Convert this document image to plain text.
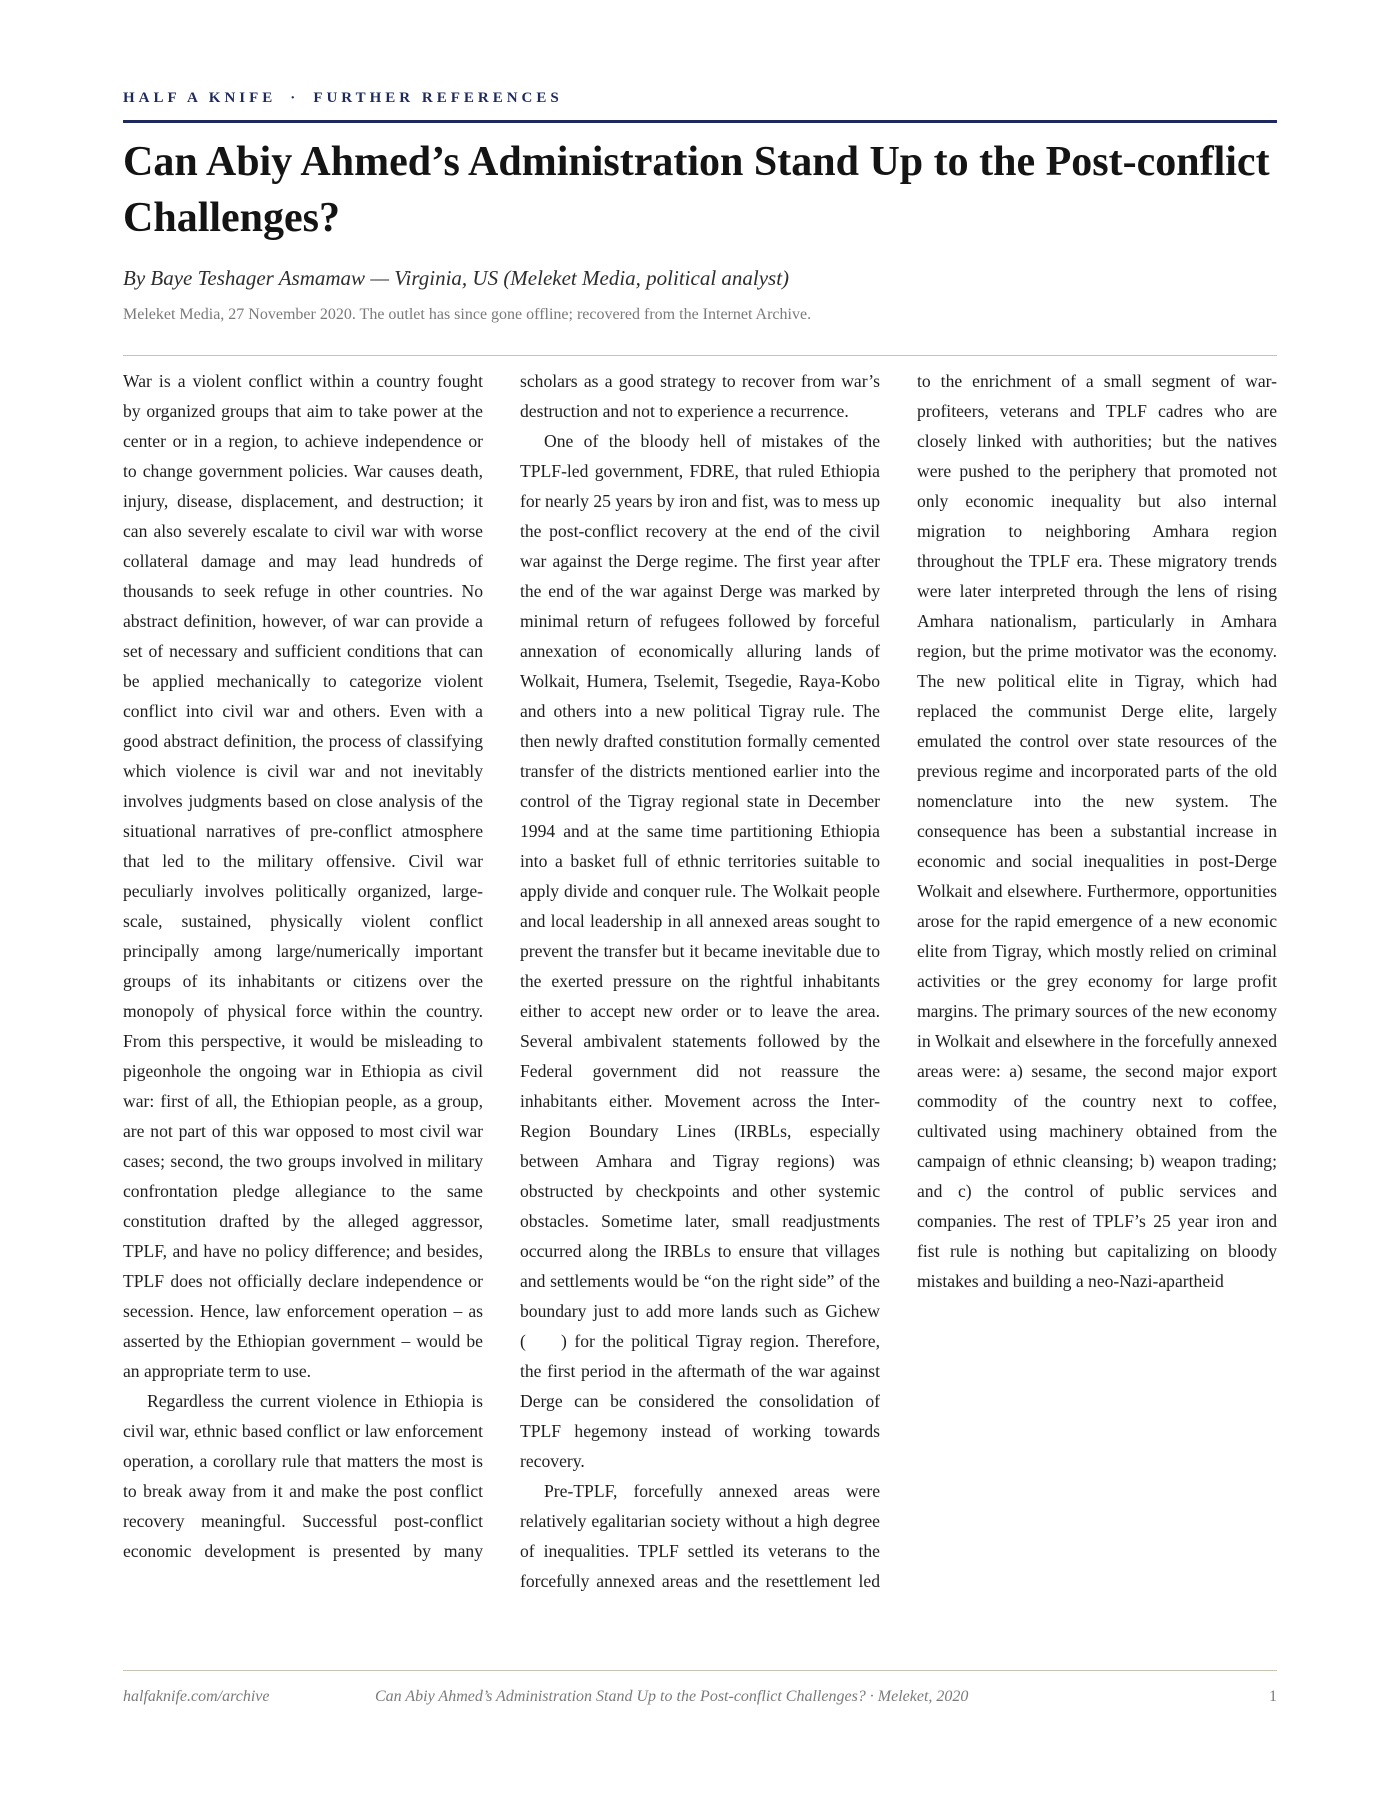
HALF A KNIFE · FURTHER REFERENCES
Can Abiy Ahmed’s Administration Stand Up to the Post-conflict Challenges?
By Baye Teshager Asmamaw — Virginia, US (Meleket Media, political analyst)
Meleket Media, 27 November 2020. The outlet has since gone offline; recovered from the Internet Archive.

War is a violent conflict within a country fought by organized groups that aim to take power at the center or in a region, to achieve independence or to change government policies. War causes death, injury, disease, displacement, and destruction; it can also severely escalate to civil war with worse collateral damage and may lead hundreds of thousands to seek refuge in other countries. No abstract definition, however, of war can provide a set of necessary and sufficient conditions that can be applied mechanically to categorize violent conflict into civil war and others. Even with a good abstract definition, the process of classifying which violence is civil war and not inevitably involves judgments based on close analysis of the situational narratives of pre-conflict atmosphere that led to the military offensive. Civil war peculiarly involves politically organized, large-scale, sustained, physically violent conflict principally among large/numerically important groups of its inhabitants or citizens over the monopoly of physical force within the country. From this perspective, it would be misleading to pigeonhole the ongoing war in Ethiopia as civil war: first of all, the Ethiopian people, as a group, are not part of this war opposed to most civil war cases; second, the two groups involved in military confrontation pledge allegiance to the same constitution drafted by the alleged aggressor, TPLF, and have no policy difference; and besides, TPLF does not officially declare independence or secession. Hence, law enforcement operation – as asserted by the Ethiopian government – would be an appropriate term to use.

Regardless the current violence in Ethiopia is civil war, ethnic based conflict or law enforcement operation, a corollary rule that matters the most is to break away from it and make the post conflict recovery meaningful. Successful post-conflict economic development is presented by many scholars as a good strategy to recover from war’s destruction and not to experience a recurrence.

One of the bloody hell of mistakes of the TPLF-led government, FDRE, that ruled Ethiopia for nearly 25 years by iron and fist, was to mess up the post-conflict recovery at the end of the civil war against the Derge regime. The first year after the end of the war against Derge was marked by minimal return of refugees followed by forceful annexation of economically alluring lands of Wolkait, Humera, Tselemit, Tsegedie, Raya-Kobo and others into a new political Tigray rule. The then newly drafted constitution formally cemented transfer of the districts mentioned earlier into the control of the Tigray regional state in December 1994 and at the same time partitioning Ethiopia into a basket full of ethnic territories suitable to apply divide and conquer rule. The Wolkait people and local leadership in all annexed areas sought to prevent the transfer but it became inevitable due to the exerted pressure on the rightful inhabitants either to accept new order or to leave the area. Several ambivalent statements followed by the Federal government did not reassure the inhabitants either. Movement across the Inter-Region Boundary Lines (IRBLs, especially between Amhara and Tigray regions) was obstructed by checkpoints and other systemic obstacles. Sometime later, small readjustments occurred along the IRBLs to ensure that villages and settlements would be “on the right side” of the boundary just to add more lands such as Gichew (  ) for the political Tigray region. Therefore, the first period in the aftermath of the war against Derge can be considered the consolidation of TPLF hegemony instead of working towards recovery.

Pre-TPLF, forcefully annexed areas were relatively egalitarian society without a high degree of inequalities. TPLF settled its veterans to the forcefully annexed areas and the resettlement led to the enrichment of a small segment of war-profiteers, veterans and TPLF cadres who are closely linked with authorities; but the natives were pushed to the periphery that promoted not only economic inequality but also internal migration to neighboring Amhara region throughout the TPLF era. These migratory trends were later interpreted through the lens of rising Amhara nationalism, particularly in Amhara region, but the prime motivator was the economy. The new political elite in Tigray, which had replaced the communist Derge elite, largely emulated the control over state resources of the previous regime and incorporated parts of the old nomenclature into the new system. The consequence has been a substantial increase in economic and social inequalities in post-Derge Wolkait and elsewhere. Furthermore, opportunities arose for the rapid emergence of a new economic elite from Tigray, which mostly relied on criminal activities or the grey economy for large profit margins. The primary sources of the new economy in Wolkait and elsewhere in the forcefully annexed areas were: a) sesame, the second major export commodity of the country next to coffee, cultivated using machinery obtained from the campaign of ethnic cleansing; b) weapon trading; and c) the control of public services and companies. The rest of TPLF’s 25 year iron and fist rule is nothing but capitalizing on bloody mistakes and building a neo-Nazi-apartheid

halfaknife.com/archive	Can Abiy Ahmed’s Administration Stand Up to the Post-conflict Challenges? · Meleket, 2020	1
